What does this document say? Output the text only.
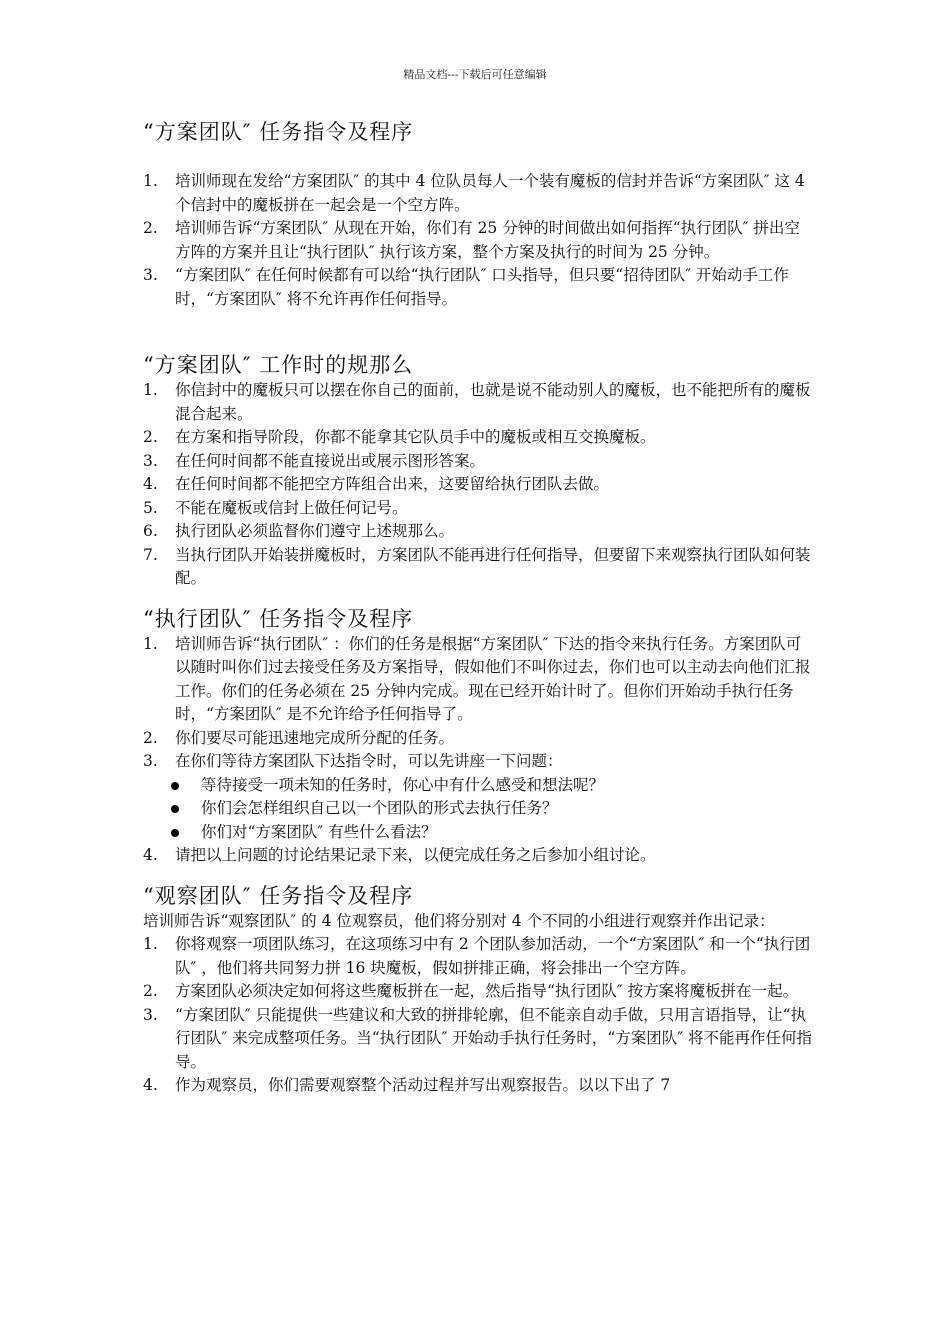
精品文档---下载后可任意编辑
“方案团队″ 任务指令及程序
1.	培训师现在发给“方案团队″ 的其中 4 位队员每人一个装有魔板的信封并告诉“方案团队″ 这 4 个信封中的魔板拼在一起会是一个空方阵。
2.	培训师告诉“方案团队″ 从现在开始，你们有 25 分钟的时间做出如何指挥“执行团队″ 拼出空方阵的方案并且让“执行团队″ 执行该方案，整个方案及执行的时间为 25 分钟。
3.	“方案团队″ 在任何时候都有可以给“执行团队″ 口头指导，但只要“招待团队″ 开始动手工作时，“方案团队″ 将不允许再作任何指导。
“方案团队″ 工作时的规那么
1.	你信封中的魔板只可以摆在你自己的面前，也就是说不能动别人的魔板，也不能把所有的魔板混合起来。
2.	在方案和指导阶段，你都不能拿其它队员手中的魔板或相互交换魔板。
3.	在任何时间都不能直接说出或展示图形答案。
4.	在任何时间都不能把空方阵组合出来，这要留给执行团队去做。
5.	不能在魔板或信封上做任何记号。
6.	执行团队必须监督你们遵守上述规那么。
7.	当执行团队开始装拼魔板时，方案团队不能再进行任何指导，但要留下来观察执行团队如何装配。
“执行团队″ 任务指令及程序
1.	培训师告诉“执行团队″ ：你们的任务是根据“方案团队″ 下达的指令来执行任务。方案团队可以随时叫你们过去接受任务及方案指导，假如他们不叫你过去，你们也可以主动去向他们汇报工作。你们的任务必须在 25 分钟内完成。现在已经开始计时了。但你们开始动手执行任务时，“方案团队″ 是不允许给予任何指导了。
2.	你们要尽可能迅速地完成所分配的任务。
3.	在你们等待方案团队下达指令时，可以先讲座一下问题：
等待接受一项未知的任务时，你心中有什么感受和想法呢？
你们会怎样组织自己以一个团队的形式去执行任务？
你们对“方案团队″ 有些什么看法？
4.	请把以上问题的讨论结果记录下来，以便完成任务之后参加小组讨论。
“观察团队″ 任务指令及程序

培训师告诉“观察团队″ 的 4 位观察员，他们将分别对 4 个不同的小组进行观察并作出记录：

1.	你将观察一项团队练习，在这项练习中有 2 个团队参加活动，一个“方案团队″ 和一个“执行团队″ ，他们将共同努力拼 16 块魔板，假如拼排正确，将会排出一个空方阵。
2.	方案团队必须决定如何将这些魔板拼在一起，然后指导“执行团队″ 按方案将魔板拼在一起。
3.	“方案团队″ 只能提供一些建议和大致的拼排轮廓，但不能亲自动手做，只用言语指导，让“执行团队″ 来完成整项任务。当“执行团队″ 开始动手执行任务时，“方案团队″ 将不能再作任何指导。
4.	作为观察员，你们需要观察整个活动过程并写出观察报告。以以下出了 7
